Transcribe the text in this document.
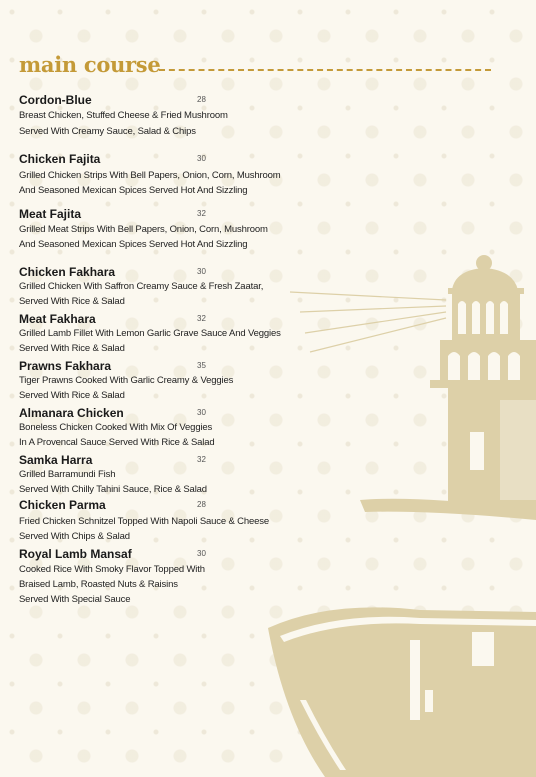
main course
Cordon-Blue	28
Breast Chicken, Stuffed Cheese & Fried Mushroom
Served With Creamy Sauce, Salad & Chips
Chicken Fajita	30
Grilled Chicken Strips With Bell Papers, Onion, Corn, Mushroom
And Seasoned Mexican Spices Served Hot And Sizzling
Meat Fajita	32
Grilled Meat Strips With Bell Papers, Onion, Corn, Mushroom
And Seasoned Mexican Spices Served Hot And Sizzling
Chicken Fakhara	30
Grilled Chicken With Saffron Creamy Sauce & Fresh Zaatar,
Served With Rice & Salad
Meat Fakhara	32
Grilled Lamb Fillet With Lemon Garlic Grave Sauce And Veggies
Served With Rice & Salad
Prawns Fakhara	35
Tiger Prawns Cooked With Garlic Creamy & Veggies
Served With Rice & Salad
Almanara Chicken	30
Boneless Chicken Cooked With Mix Of Veggies
In A Provencal Sauce Served With Rice & Salad
Samka Harra	32
Grilled Barramundi Fish
Served With Chilly Tahini Sauce, Rice & Salad
Chicken Parma	28
Fried Chicken Schnitzel Topped With Napoli Sauce & Cheese
Served With Chips & Salad
Royal Lamb Mansaf	30
Cooked Rice With Smoky Flavor Topped With
Braised Lamb, Roasted Nuts & Raisins
Served With Special Sauce
